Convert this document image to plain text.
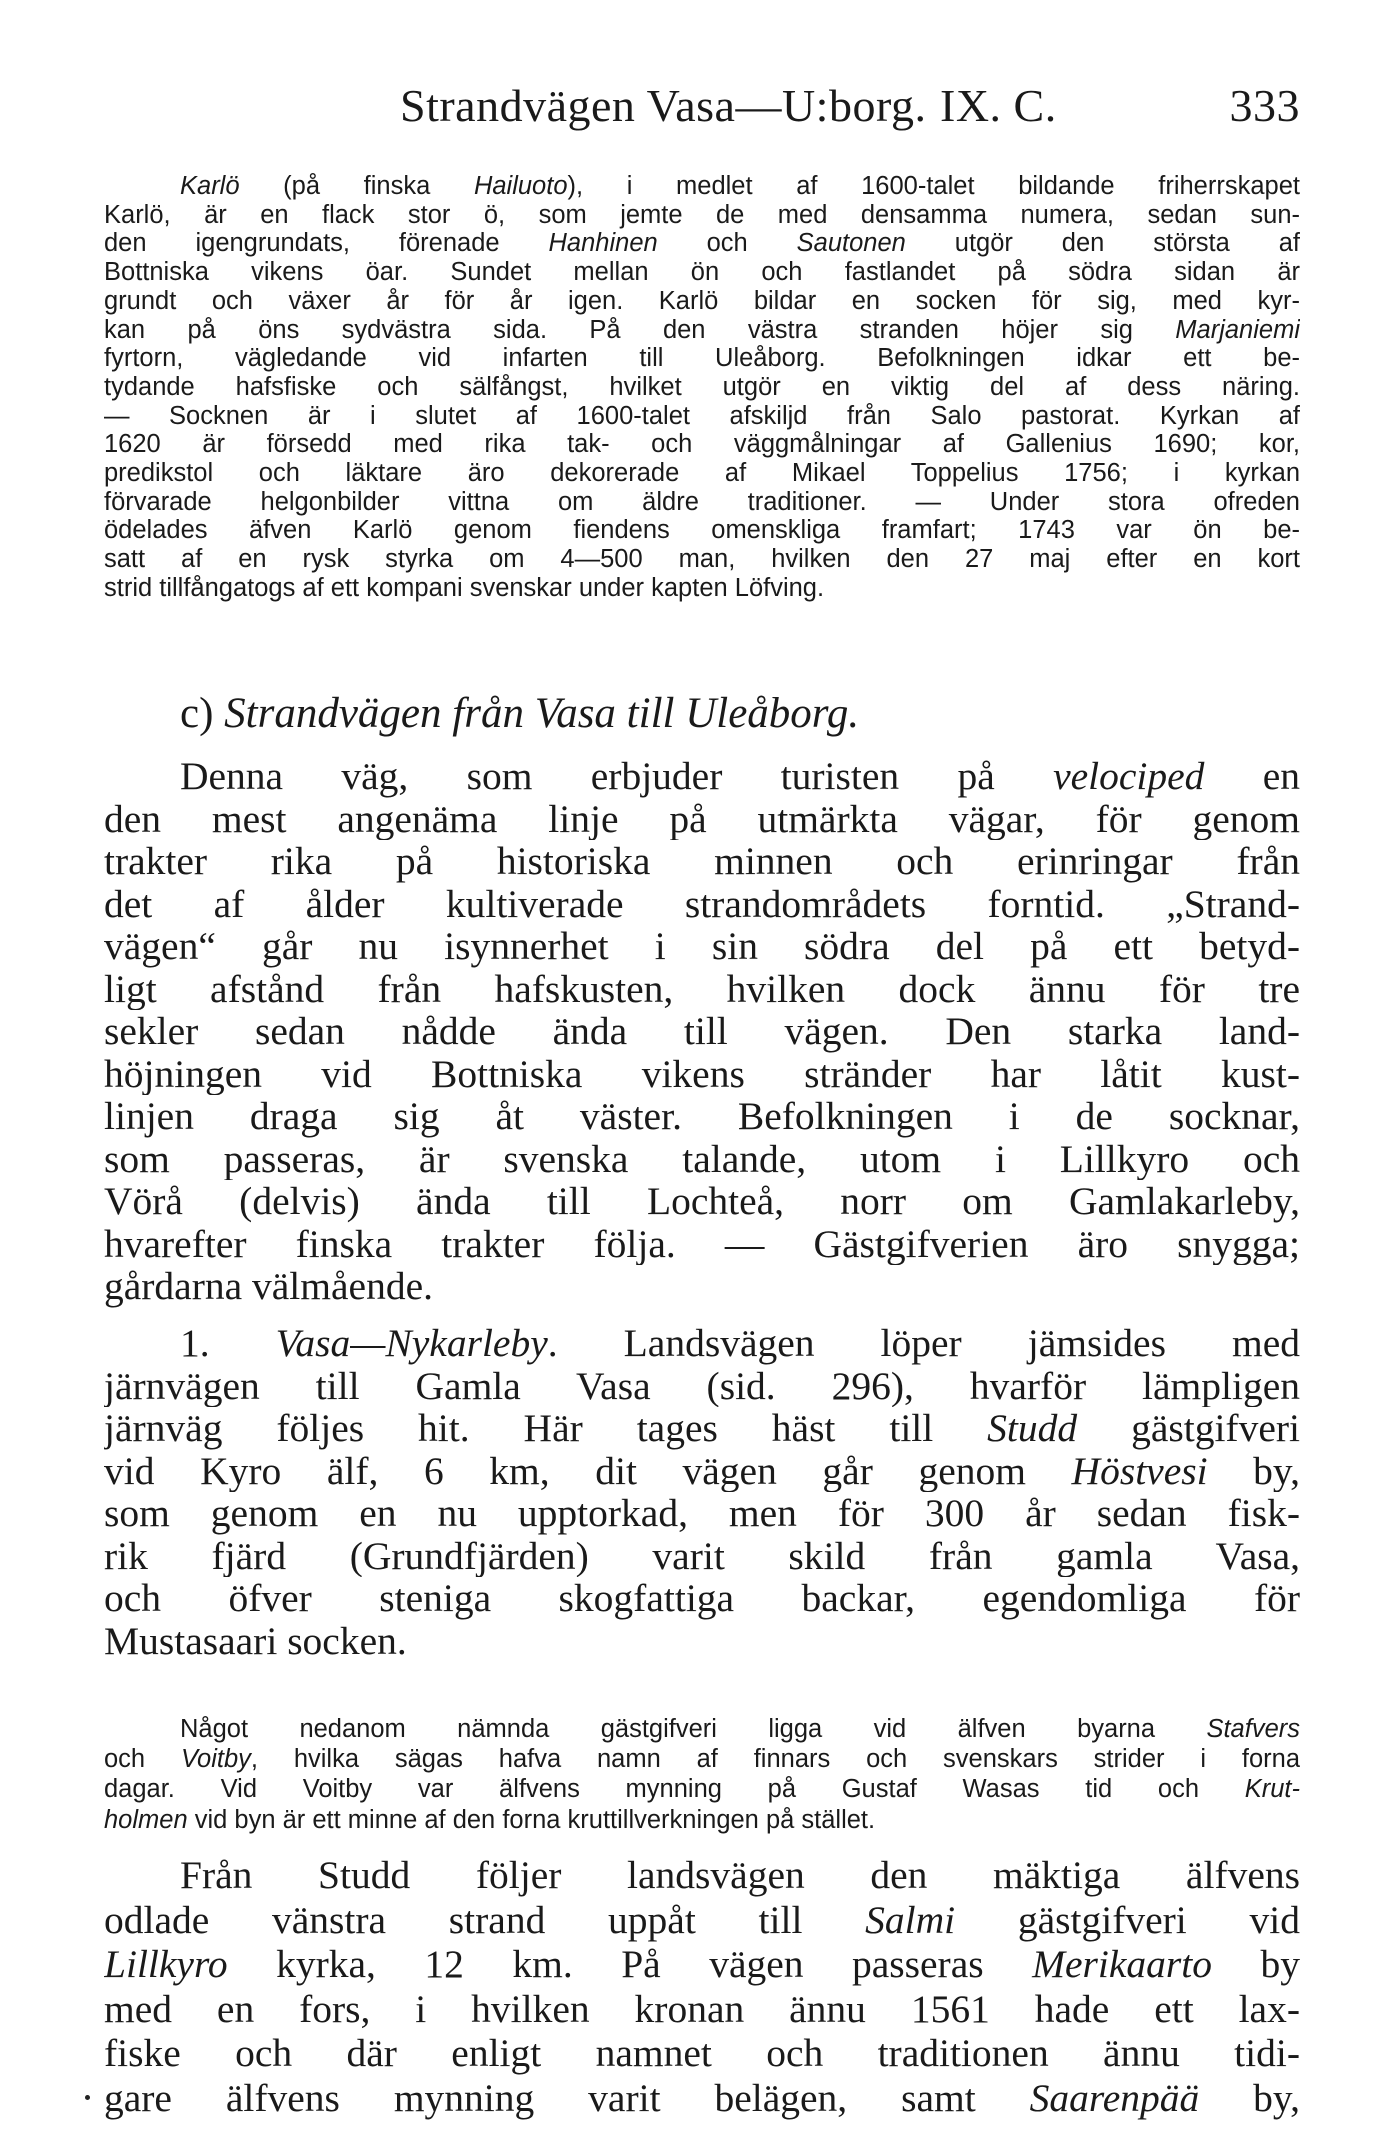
Strandvägen Vasa—U:borg. IX. C.	333
Karlö (på finska Hailuoto), i medlet af 1600-talet bildande friherrskapet
Karlö, är en flack stor ö, som jemte de med densamma numera, sedan sun-
den igengrundats, förenade Hanhinen och Sautonen utgör den största af
Bottniska vikens öar. Sundet mellan ön och fastlandet på södra sidan är
grundt och växer år för år igen. Karlö bildar en socken för sig, med kyr-
kan på öns sydvästra sida. På den västra stranden höjer sig Marjaniemi
fyrtorn, vägledande vid infarten till Uleåborg. Befolkningen idkar ett be-
tydande hafsfiske och sälfångst, hvilket utgör en viktig del af dess näring.
— Socknen är i slutet af 1600-talet afskiljd från Salo pastorat. Kyrkan af
1620 är försedd med rika tak- och väggmålningar af Gallenius 1690; kor,
predikstol och läktare äro dekorerade af Mikael Toppelius 1756; i kyrkan
förvarade helgonbilder vittna om äldre traditioner. — Under stora ofreden
ödelades äfven Karlö genom fiendens omenskliga framfart; 1743 var ön be-
satt af en rysk styrka om 4—500 man, hvilken den 27 maj efter en kort
strid tillfångatogs af ett kompani svenskar under kapten Löfving.
c) Strandvägen från Vasa till Uleåborg.
Denna väg, som erbjuder turisten på velociped en
den mest angenäma linje på utmärkta vägar, för genom
trakter rika på historiska minnen och erinringar från
det af ålder kultiverade strandområdets forntid. „Strand-
vägen“ går nu isynnerhet i sin södra del på ett betyd-
ligt afstånd från hafskusten, hvilken dock ännu för tre
sekler sedan nådde ända till vägen. Den starka land-
höjningen vid Bottniska vikens stränder har låtit kust-
linjen draga sig åt väster. Befolkningen i de socknar,
som passeras, är svenska talande, utom i Lillkyro och
Vörå (delvis) ända till Lochteå, norr om Gamlakarleby,
hvarefter finska trakter följa. — Gästgifverien äro snygga;
gårdarna välmående.
1. Vasa—Nykarleby. Landsvägen löper jämsides med
järnvägen till Gamla Vasa (sid. 296), hvarför lämpligen
järnväg följes hit. Här tages häst till Studd gästgifveri
vid Kyro älf, 6 km, dit vägen går genom Höstvesi by,
som genom en nu upptorkad, men för 300 år sedan fisk-
rik fjärd (Grundfjärden) varit skild från gamla Vasa,
och öfver steniga skogfattiga backar, egendomliga för
Mustasaari socken.
Något nedanom nämnda gästgifveri ligga vid älfven byarna Stafvers
och Voitby, hvilka sägas hafva namn af finnars och svenskars strider i forna
dagar. Vid Voitby var älfvens mynning på Gustaf Wasas tid och Krut-
holmen vid byn är ett minne af den forna kruttillverkningen på stället.
Från Studd följer landsvägen den mäktiga älfvens
odlade vänstra strand uppåt till Salmi gästgifveri vid
Lillkyro kyrka, 12 km. På vägen passeras Merikaarto by
med en fors, i hvilken kronan ännu 1561 hade ett lax-
fiske och där enligt namnet och traditionen ännu tidi-
gare älfvens mynning varit belägen, samt Saarenpää by,
